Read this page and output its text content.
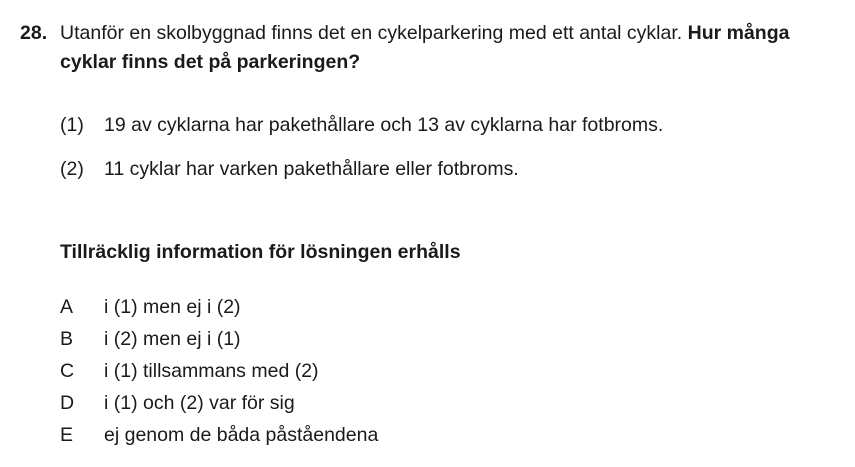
28. Utanför en skolbyggnad finns det en cykelparkering med ett antal cyklar. Hur många cyklar finns det på parkeringen?
(1) 19 av cyklarna har pakethållare och 13 av cyklarna har fotbroms.
(2) 11 cyklar har varken pakethållare eller fotbroms.
Tillräcklig information för lösningen erhålls
A i (1) men ej i (2)
B i (2) men ej i (1)
C i (1) tillsammans med (2)
D i (1) och (2) var för sig
E ej genom de båda påståendena
